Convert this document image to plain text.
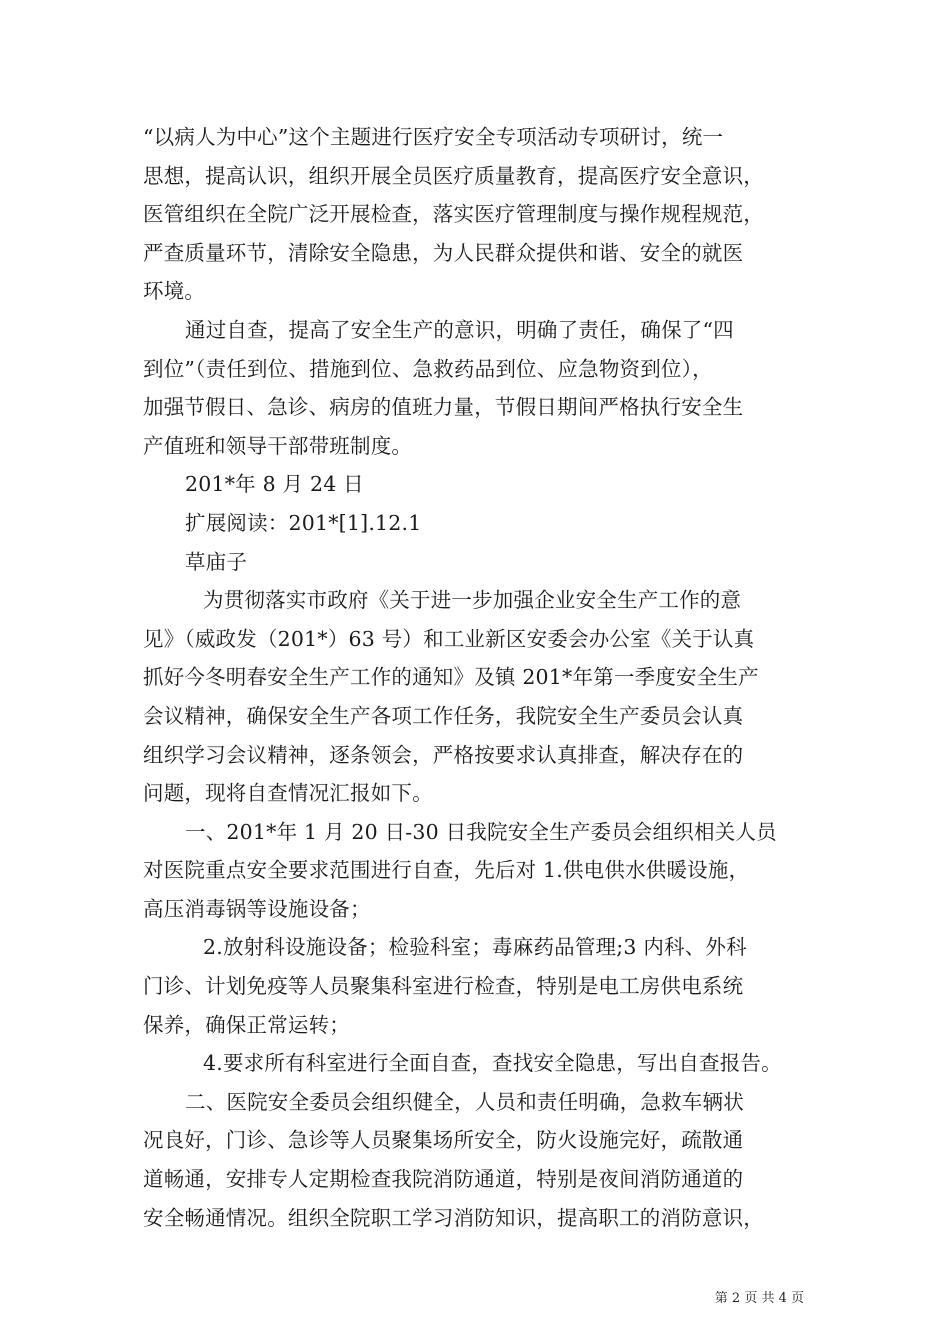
“以病人为中心”这个主题进行医疗安全专项活动专项研讨，统一
思想，提高认识，组织开展全员医疗质量教育，提高医疗安全意识，
医管组织在全院广泛开展检查，落实医疗管理制度与操作规程规范，
严查质量环节，清除安全隐患，为人民群众提供和谐、安全的就医
环境。
通过自查，提高了安全生产的意识，明确了责任，确保了“四
到位”（责任到位、措施到位、急救药品到位、应急物资到位），
加强节假日、急诊、病房的值班力量，节假日期间严格执行安全生
产值班和领导干部带班制度。
201*年 8 月 24 日
扩展阅读：201*[1].12.1
草庙子
为贯彻落实市政府《关于进一步加强企业安全生产工作的意
见》（威政发（201*）63 号）和工业新区安委会办公室《关于认真
抓好今冬明春安全生产工作的通知》及镇 201*年第一季度安全生产
会议精神，确保安全生产各项工作任务，我院安全生产委员会认真
组织学习会议精神，逐条领会，严格按要求认真排查，解决存在的
问题，现将自查情况汇报如下。
一、201*年 1 月 20 日-30 日我院安全生产委员会组织相关人员
对医院重点安全要求范围进行自查，先后对 1.供电供水供暖设施，
高压消毒锅等设施设备；
2.放射科设施设备；检验科室；毒麻药品管理;3 内科、外科
门诊、计划免疫等人员聚集科室进行检查，特别是电工房供电系统
保养，确保正常运转；
4.要求所有科室进行全面自查，查找安全隐患，写出自查报告。
二、医院安全委员会组织健全，人员和责任明确，急救车辆状
况良好，门诊、急诊等人员聚集场所安全，防火设施完好，疏散通
道畅通，安排专人定期检查我院消防通道，特别是夜间消防通道的
安全畅通情况。组织全院职工学习消防知识，提高职工的消防意识，
第 2 页 共 4 页
